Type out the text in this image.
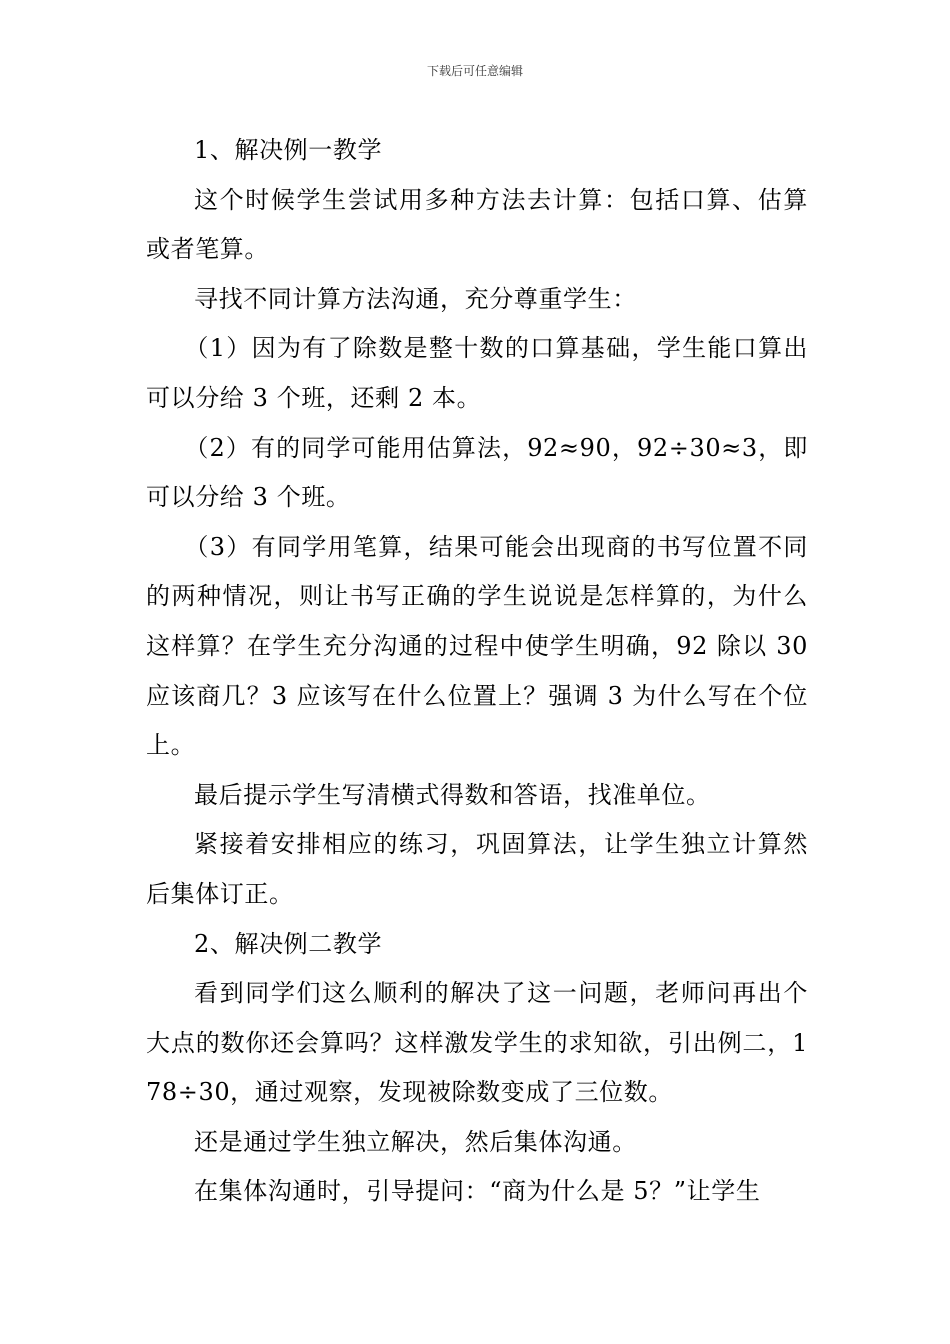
下载后可任意编辑

1、解决例一教学

这个时候学生尝试用多种方法去计算：包括口算、估算或者笔算。

寻找不同计算方法沟通，充分尊重学生：

（1）因为有了除数是整十数的口算基础，学生能口算出可以分给 3 个班，还剩 2 本。

（2）有的同学可能用估算法，92≈90，92÷30≈3，即可以分给 3 个班。

（3）有同学用笔算，结果可能会出现商的书写位置不同的两种情况，则让书写正确的学生说说是怎样算的，为什么这样算？在学生充分沟通的过程中使学生明确，92 除以 30 应该商几？3 应该写在什么位置上？强调 3 为什么写在个位上。

最后提示学生写清横式得数和答语，找准单位。

紧接着安排相应的练习，巩固算法，让学生独立计算然后集体订正。

2、解决例二教学

看到同学们这么顺利的解决了这一问题，老师问再出个大点的数你还会算吗？这样激发学生的求知欲，引出例二，178÷30，通过观察，发现被除数变成了三位数。

还是通过学生独立解决，然后集体沟通。

在集体沟通时，引导提问：“商为什么是 5？”让学生
